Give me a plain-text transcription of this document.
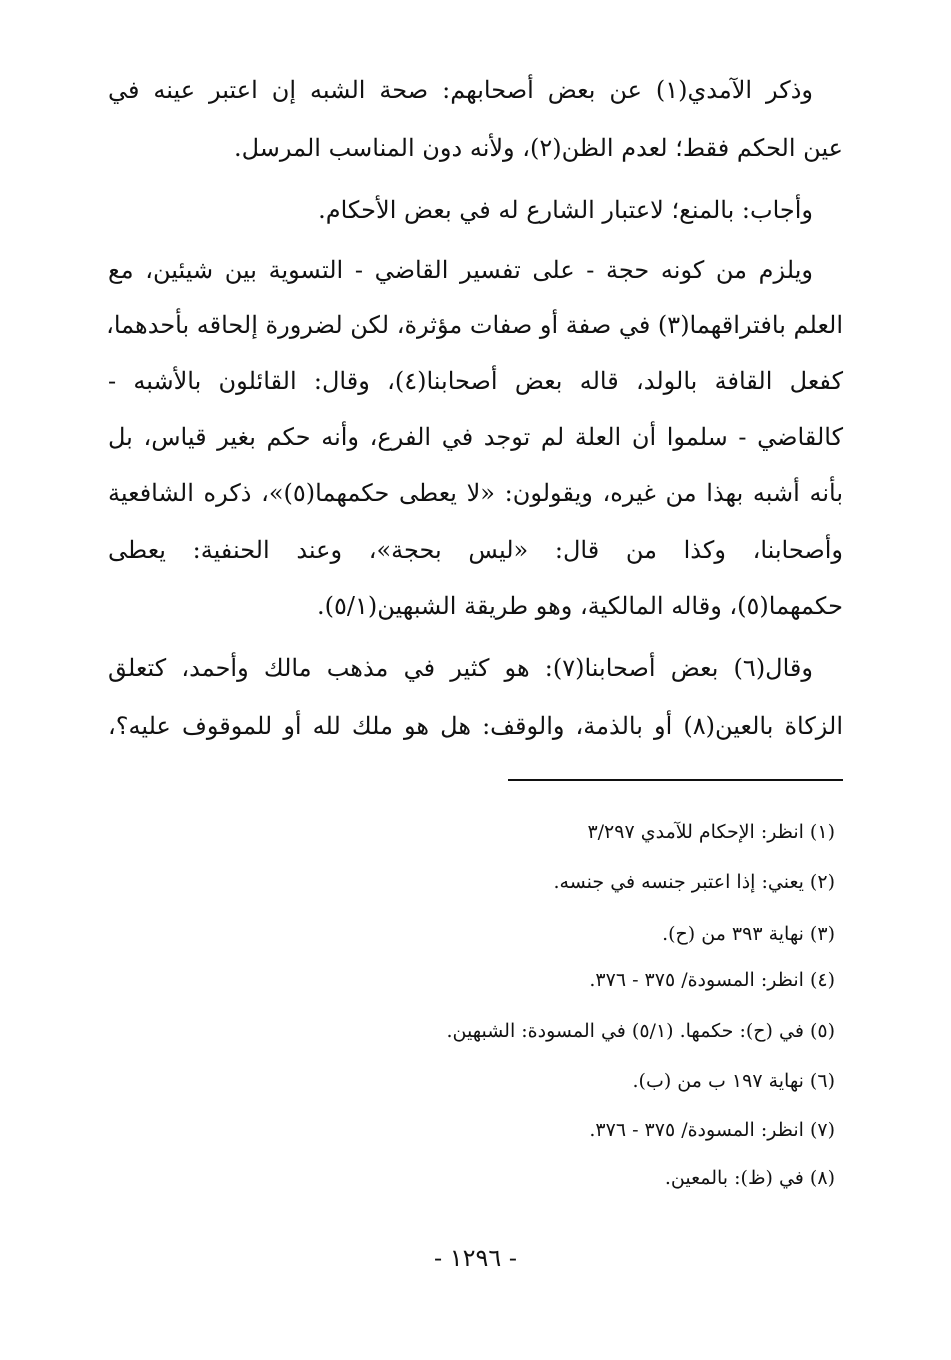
وذكر الآمدي(١) عن بعض أصحابهم: صحة الشبه إن اعتبر عينه في
عين الحكم فقط؛ لعدم الظن(٢)، ولأنه دون المناسب المرسل.
وأجاب: بالمنع؛ لاعتبار الشارع له في بعض الأحكام.
ويلزم من كونه حجة - على تفسير القاضي - التسوية بين شيئين، مع
العلم بافتراقهما(٣) في صفة أو صفات مؤثرة، لكن لضرورة إلحاقه بأحدهما،
كفعل القافة بالولد، قاله بعض أصحابنا(٤)، وقال: القائلون بالأشبه -
كالقاضي - سلموا أن العلة لم توجد في الفرع، وأنه حكم بغير قياس، بل
بأنه أشبه بهذا من غيره، ويقولون: «لا يعطى حكمهما(٥)»، ذكره الشافعية
وأصحابنا، وكذا من قال: «ليس بحجة»، وعند الحنفية: يعطى
حكمهما(٥)، وقاله المالكية، وهو طريقة الشبهين(٥/١).
وقال(٦) بعض أصحابنا(٧): هو كثير في مذهب مالك وأحمد، كتعلق
الزكاة بالعين(٨) أو بالذمة، والوقف: هل هو ملك لله أو للموقوف عليه؟،
(١) انظر: الإحكام للآمدي ٣/٢٩٧
(٢) يعني: إذا اعتبر جنسه في جنسه.
(٣) نهاية ٣٩٣ من (ح).
(٤) انظر: المسودة/ ٣٧٥ - ٣٧٦.
(٥) في (ح): حكمها. (٥/١) في المسودة: الشبهين.
(٦) نهاية ١٩٧ ب من (ب).
(٧) انظر: المسودة/ ٣٧٥ - ٣٧٦.
(٨) في (ظ): بالمعين.
- ١٢٩٦ -
